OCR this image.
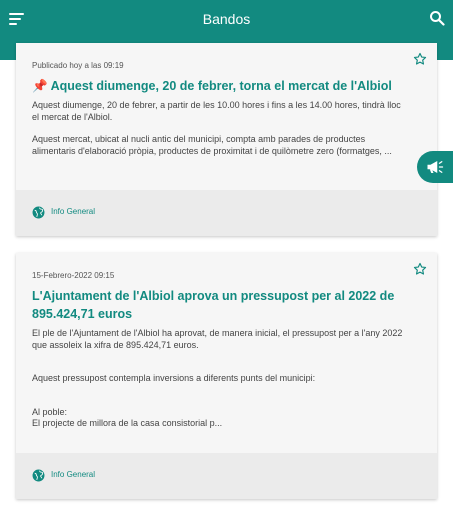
Bandos
Publicado hoy a las 09:19
📌 Aquest diumenge, 20 de febrer, torna el mercat de l'Albiol

Aquest diumenge, 20 de febrer, a partir de les 10.00 hores i fins a les 14.00 hores, tindrà lloc el mercat de l'Albiol.

Aquest mercat, ubicat al nucli antic del municipi, compta amb parades de productes alimentaris d'elaboració pròpia, productes de proximitat i de quilòmetre zero (formatges, ...

Info General
15-Febrero-2022 09:15
L'Ajuntament de l'Albiol aprova un pressupost per al 2022 de 895.424,71 euros

El ple de l'Ajuntament de l'Albiol ha aprovat, de manera inicial, el pressupost per a l'any 2022 que assoleix la xifra de 895.424,71 euros.

Aquest pressupost contempla inversions a diferents punts del municipi:

Al poble:

El projecte de millora de la casa consistorial p...

Info General
